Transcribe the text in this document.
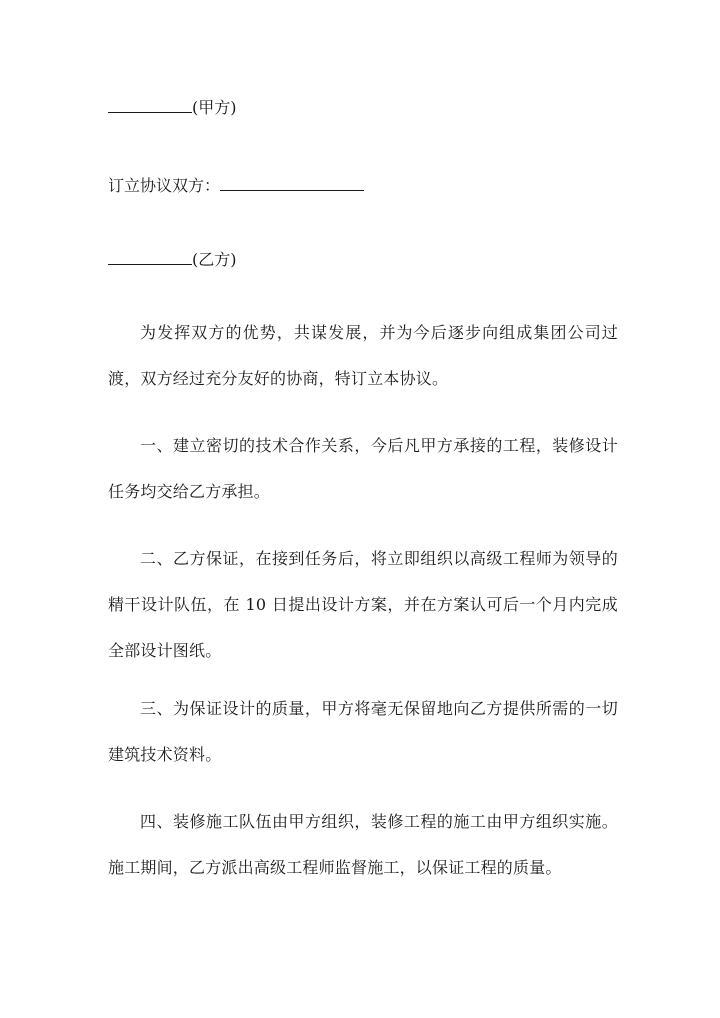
(甲方)
订立协议双方：
(乙方)

为发挥双方的优势，共谋发展，并为今后逐步向组成集团公司过渡，双方经过充分友好的协商，特订立本协议。

一、建立密切的技术合作关系，今后凡甲方承接的工程，装修设计任务均交给乙方承担。

二、乙方保证，在接到任务后，将立即组织以高级工程师为领导的精干设计队伍，在 10 日提出设计方案，并在方案认可后一个月内完成全部设计图纸。

三、为保证设计的质量，甲方将毫无保留地向乙方提供所需的一切建筑技术资料。

四、装修施工队伍由甲方组织，装修工程的施工由甲方组织实施。施工期间，乙方派出高级工程师监督施工，以保证工程的质量。
